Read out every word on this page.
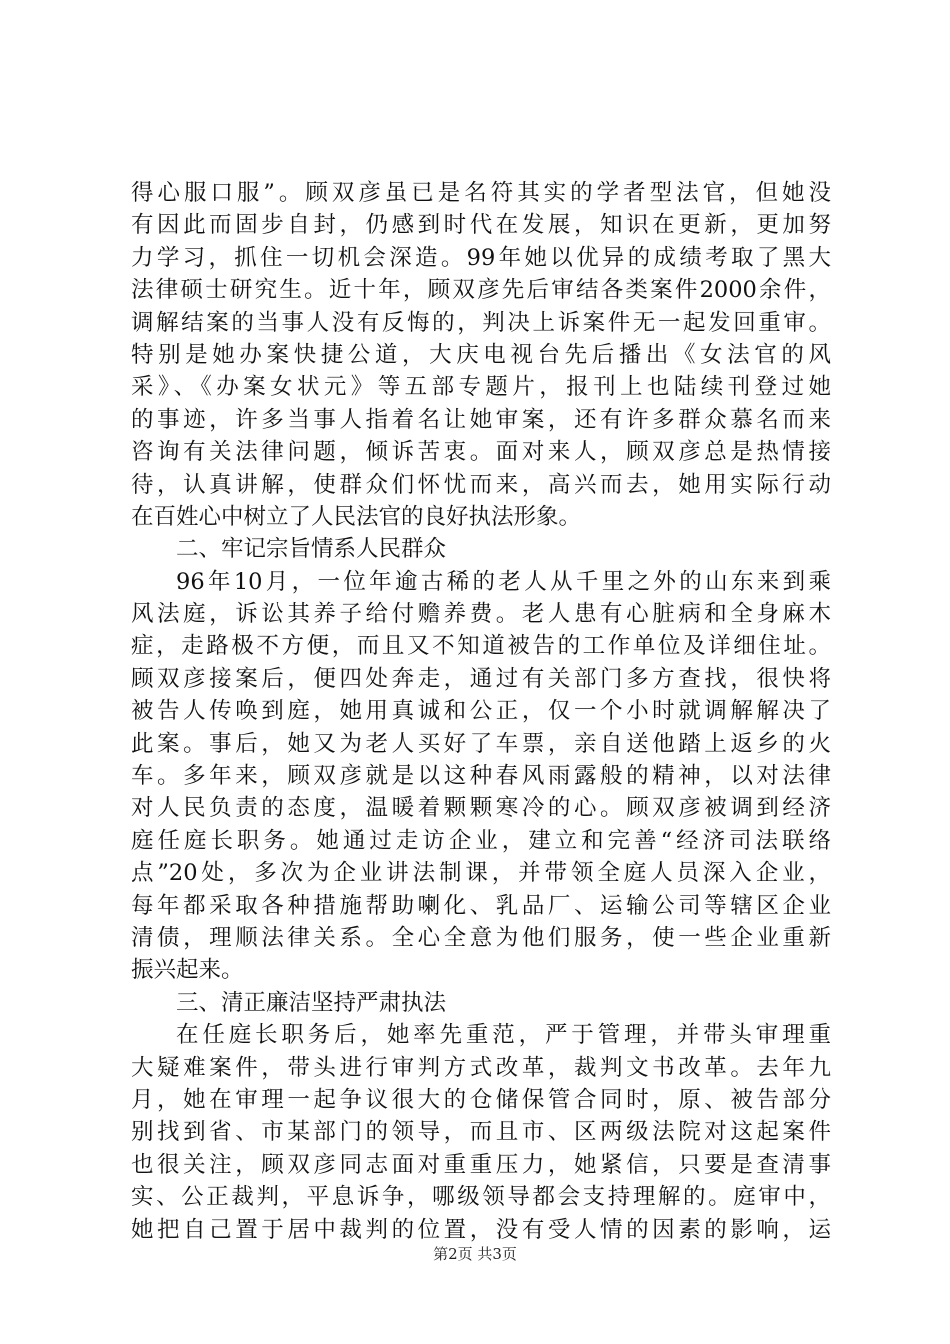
得心服口服”。顾双彦虽已是名符其实的学者型法官，但她没

有因此而固步自封，仍感到时代在发展，知识在更新，更加努

力学习，抓住一切机会深造。99年她以优异的成绩考取了黑大

法律硕士研究生。近十年，顾双彦先后审结各类案件2000余件，

调解结案的当事人没有反悔的，判决上诉案件无一起发回重审。

特别是她办案快捷公道，大庆电视台先后播出《女法官的风

采》、《办案女状元》等五部专题片，报刊上也陆续刊登过她

的事迹，许多当事人指着名让她审案，还有许多群众慕名而来

咨询有关法律问题，倾诉苦衷。面对来人，顾双彦总是热情接

待，认真讲解，使群众们怀忧而来，高兴而去，她用实际行动

在百姓心中树立了人民法官的良好执法形象。

二、牢记宗旨情系人民群众

96年10月，一位年逾古稀的老人从千里之外的山东来到乘

风法庭，诉讼其养子给付赡养费。老人患有心脏病和全身麻木

症，走路极不方便，而且又不知道被告的工作单位及详细住址。

顾双彦接案后，便四处奔走，通过有关部门多方查找，很快将

被告人传唤到庭，她用真诚和公正，仅一个小时就调解解决了

此案。事后，她又为老人买好了车票，亲自送他踏上返乡的火

车。多年来，顾双彦就是以这种春风雨露般的精神，以对法律

对人民负责的态度，温暖着颗颗寒冷的心。顾双彦被调到经济

庭任庭长职务。她通过走访企业，建立和完善“经济司法联络

点”20处，多次为企业讲法制课，并带领全庭人员深入企业，

每年都采取各种措施帮助喇化、乳品厂、运输公司等辖区企业

清债，理顺法律关系。全心全意为他们服务，使一些企业重新

振兴起来。

三、清正廉洁坚持严肃执法

在任庭长职务后，她率先重范，严于管理，并带头审理重

大疑难案件，带头进行审判方式改革，裁判文书改革。去年九

月，她在审理一起争议很大的仓储保管合同时，原、被告部分

别找到省、市某部门的领导，而且市、区两级法院对这起案件

也很关注，顾双彦同志面对重重压力，她紧信，只要是查清事

实、公正裁判，平息诉争，哪级领导都会支持理解的。庭审中，

她把自己置于居中裁判的位置，没有受人情的因素的影响，运

第2页 共3页
